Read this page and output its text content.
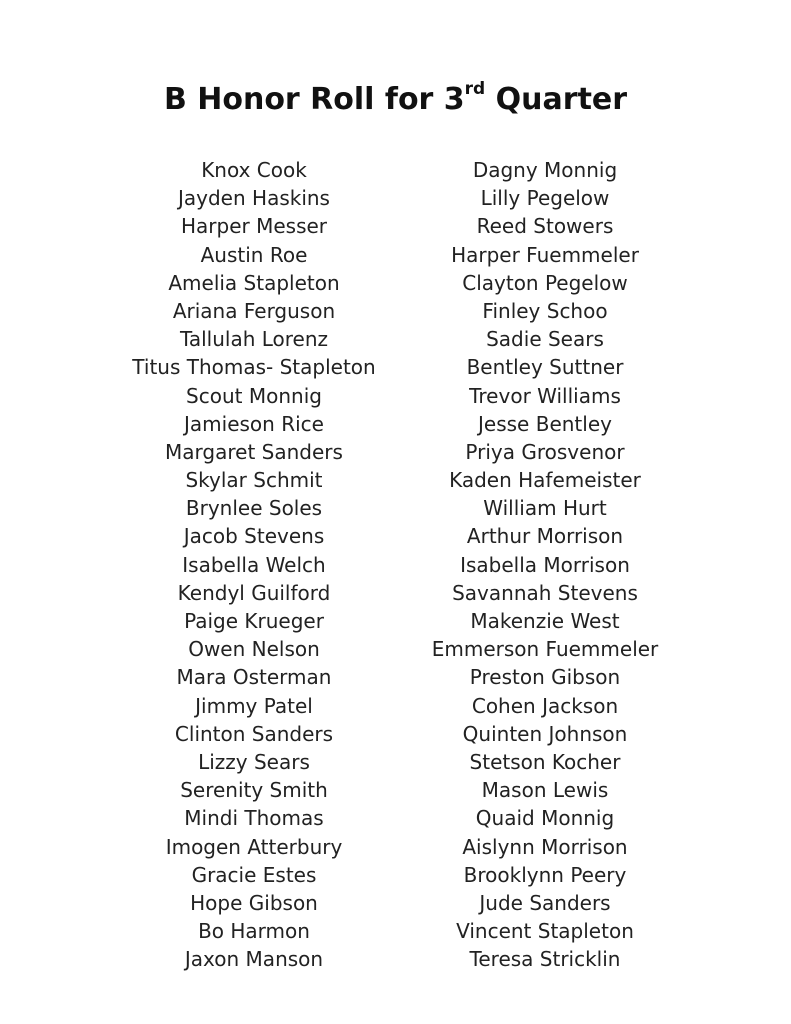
B Honor Roll for 3rd Quarter
Knox Cook
Jayden Haskins
Harper Messer
Austin Roe
Amelia Stapleton
Ariana Ferguson
Tallulah Lorenz
Titus Thomas- Stapleton
Scout Monnig
Jamieson Rice
Margaret Sanders
Skylar Schmit
Brynlee Soles
Jacob Stevens
Isabella Welch
Kendyl Guilford
Paige Krueger
Owen Nelson
Mara Osterman
Jimmy Patel
Clinton Sanders
Lizzy Sears
Serenity Smith
Mindi Thomas
Imogen Atterbury
Gracie Estes
Hope Gibson
Bo Harmon
Jaxon Manson
Dagny Monnig
Lilly Pegelow
Reed Stowers
Harper Fuemmeler
Clayton Pegelow
Finley Schoo
Sadie Sears
Bentley Suttner
Trevor Williams
Jesse Bentley
Priya Grosvenor
Kaden Hafemeister
William Hurt
Arthur Morrison
Isabella Morrison
Savannah Stevens
Makenzie West
Emmerson Fuemmeler
Preston Gibson
Cohen Jackson
Quinten Johnson
Stetson Kocher
Mason Lewis
Quaid Monnig
Aislynn Morrison
Brooklynn Peery
Jude Sanders
Vincent Stapleton
Teresa Stricklin
